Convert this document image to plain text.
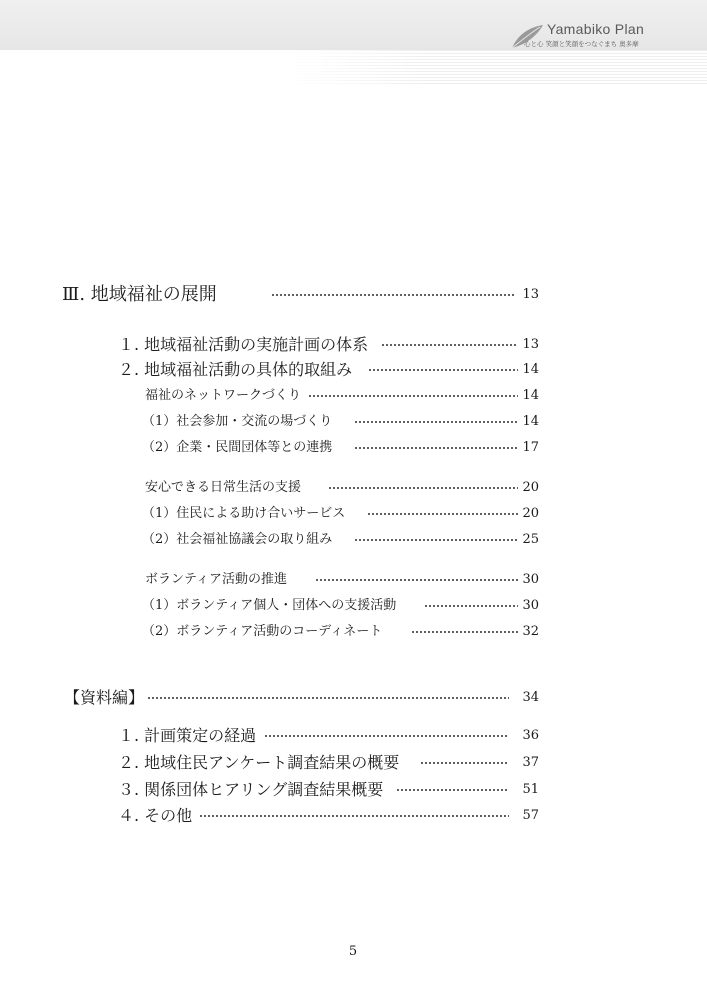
Yamabiko Plan
心と心 笑顔と笑顔をつなぐまち 奥多摩
Ⅲ. 地域福祉の展開	13
１. 地域福祉活動の実施計画の体系	13
２. 地域福祉活動の具体的取組み	14
福祉のネットワークづくり	14
（1）社会参加・交流の場づくり	14
（2）企業・民間団体等との連携	17
安心できる日常生活の支援	20
（1）住民による助け合いサービス	20
（2）社会福祉協議会の取り組み	25
ボランティア活動の推進	30
（1）ボランティア個人・団体への支援活動	30
（2）ボランティア活動のコーディネート	32
【資料編】	34
１. 計画策定の経過	36
２. 地域住民アンケート調査結果の概要	37
３. 関係団体ヒアリング調査結果概要	51
４. その他	57
5
